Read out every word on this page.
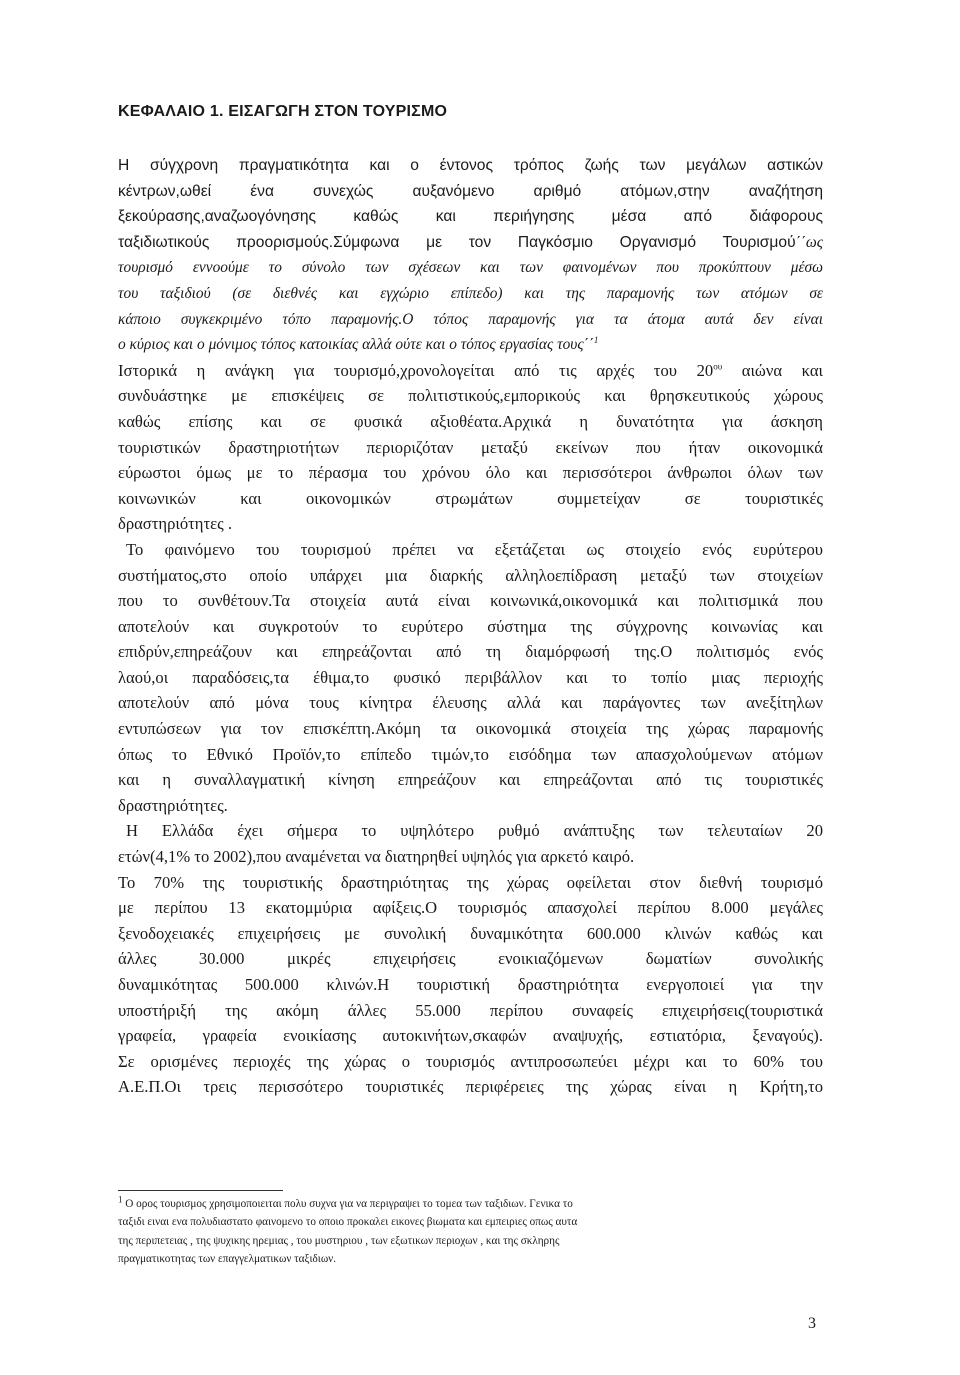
ΚΕΦΑΛΑΙΟ 1. ΕΙΣΑΓΩΓΗ ΣΤΟΝ ΤΟΥΡΙΣΜΟ
Η σύγχρονη πραγματικότητα και ο έντονος τρόπος ζωής των μεγάλων αστικών
κέντρων,ωθεί ένα συνεχώς αυξανόμενο αριθμό ατόμων,στην αναζήτηση
ξεκούρασης,αναζωογόνησης καθώς και περιήγησης μέσα από διάφορους
ταξιδιωτικούς προορισμούς.Σύμφωνα με τον Παγκόσμιο Οργανισμό Τουρισμού΄΄ως
τουρισμό εννοούμε το σύνολο των σχέσεων και των φαινομένων που προκύπτουν μέσω
του ταξιδιού (σε διεθνές και εγχώριο επίπεδο) και της παραμονής των ατόμων σε
κάποιο συγκεκριμένο τόπο παραμονής.Ο τόπος παραμονής για τα άτομα αυτά δεν είναι
ο κύριος και ο μόνιμος τόπος κατοικίας αλλά ούτε και ο τόπος εργασίας τους΄΄$^1$
Ιστορικά η ανάγκη για τουρισμό,χρονολογείται από τις αρχές του $20^{o\upsilon}$ αιώνα και
συνδυάστηκε με επισκέψεις σε πολιτιστικούς,εμπορικούς και θρησκευτικούς χώρους
καθώς επίσης και σε φυσικά αξιοθέατα.Αρχικά η δυνατότητα για άσκηση
τουριστικών δραστηριοτήτων περιοριζόταν μεταξύ εκείνων που ήταν οικονομικά
εύρωστοι όμως με το πέρασμα του χρόνου όλο και περισσότεροι άνθρωποι όλων των
κοινωνικών και οικονομικών στρωμάτων συμμετείχαν σε τουριστικές
δραστηριότητες .
Το φαινόμενο του τουρισμού πρέπει να εξετάζεται ως στοιχείο ενός ευρύτερου
συστήματος,στο οποίο υπάρχει μια διαρκής αλληλοεπίδραση μεταξύ των στοιχείων
που το συνθέτουν.Τα στοιχεία αυτά είναι κοινωνικά,οικονομικά και πολιτισμικά που
αποτελούν και συγκροτούν το ευρύτερο σύστημα της σύγχρονης κοινωνίας και
επιδρύν,επηρεάζουν και επηρεάζονται από τη διαμόρφωσή της.Ο πολιτισμός ενός
λαού,οι παραδόσεις,τα έθιμα,το φυσικό περιβάλλον και το τοπίο μιας περιοχής
αποτελούν από μόνα τους κίνητρα έλευσης αλλά και παράγοντες των ανεξίτηλων
εντυπώσεων για τον επισκέπτη.Ακόμη τα οικονομικά στοιχεία της χώρας παραμονής
όπως το Εθνικό Προϊόν,το επίπεδο τιμών,το εισόδημα των απασχολούμενων ατόμων
και η συναλλαγματική κίνηση επηρεάζουν και επηρεάζονται από τις τουριστικές
δραστηριότητες.
Η Ελλάδα έχει σήμερα το υψηλότερο ρυθμό ανάπτυξης των τελευταίων 20
ετών(4,1% το 2002),που αναμένεται να διατηρηθεί υψηλός για αρκετό καιρό.
Το 70% της τουριστικής δραστηριότητας της χώρας οφείλεται στον διεθνή τουρισμό
με περίπου 13 εκατομμύρια αφίξεις.Ο τουρισμός απασχολεί περίπου 8.000 μεγάλες
ξενοδοχειακές επιχειρήσεις με συνολική δυναμικότητα 600.000 κλινών καθώς και
άλλες 30.000 μικρές επιχειρήσεις ενοικιαζόμενων δωματίων συνολικής
δυναμικότητας 500.000 κλινών.Η τουριστική δραστηριότητα ενεργοποιεί για την
υποστήριξή της ακόμη άλλες 55.000 περίπου συναφείς επιχειρήσεις(τουριστικά
γραφεία, γραφεία ενοικίασης αυτοκινήτων,σκαφών αναψυχής, εστιατόρια, ξεναγούς).
Σε ορισμένες περιοχές της χώρας ο τουρισμός αντιπροσωπεύει μέχρι και το 60% του
Α.Ε.Π.Οι τρεις περισσότερο τουριστικές περιφέρειες της χώρας είναι η Κρήτη,το
$^1$ Ο ορος τουρισμος χρησιμοποιειται πολυ συχνα για να περιγραψει το τομεα των ταξιδιων. Γενικα το
ταξιδι ειναι ενα πολυδιαστατο φαινομενο το οποιο προκαλει εικονες βιωματα και εμπειριες οπως αυτα
της περιπετειας , της ψυχικης ηρεμιας , του μυστηριου , των εξωτικων περιοχων , και της σκληρης
πραγματικοτητας των επαγγελματικων ταξιδιων.
3
